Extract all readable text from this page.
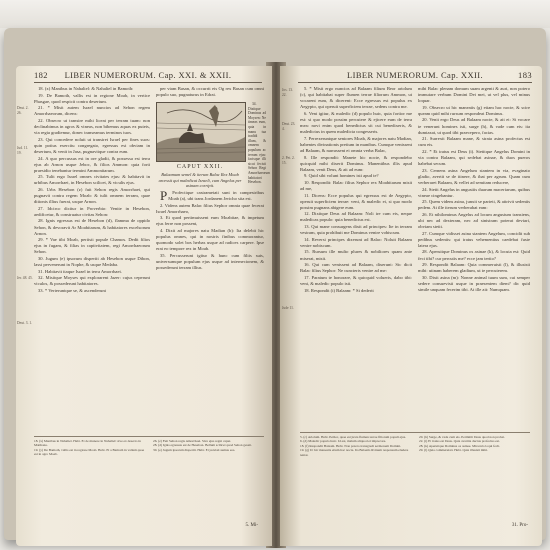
182 LIBER NUMERORUM. Cap. XXI. & XXII.
Deut. 2. 26.
Jud. 11. 19.
Jer. 48. 45.
Deut. 3. 1.

18. (x) Manibus in Nahaliel: & Nahaliel in Bamoth:

19. De Bamoth, vallis est in regione Moab, in vertice Phasgae, quod respicit contra desertum.

21. * Misit autem Israel nuncios ad Sehon regem Amorrhaeorum, dicens:

22. Obsecro ut transire mihi liceat per terram tuam: non declinabimus in agros & vineas, non bibemus aquas ex puteis, via regia gradiemur, donec transeamus terminos tuos.

23. Qui concedere noluit ut transiret Israel per fines suos: quin potius exercitu congregato, egressus est obviam in desertum, & venit in Jasa, pugnavitque contra eum.

24. A quo percussus est in ore gladii, & possessa est terra ejus ab Arnon usque Jeboc, & filios Ammon: quia forti praesidio tenebantur termini Ammonitarum.

25. Tulit ergo Israel omnes civitates ejus: & habitavit in urbibus Amorrhaei, in Hesebon scilicet, & viculis ejus.

26. Urbs Hesebon (z) fuit Sehon regis Amorrhaei, qui pugnavit contra regem Moab: & tulit omnem terram, quae ditionis illius fuerat, usque Arnon.

27. Idcirco dicitur in Proverbio: Venite in Hesebon, aedificetur, & construatur civitas Sehon:

28. Ignis egressus est de Hesebon (d), flamma de oppido Sehon, & devoravit Ar Moabitarum, & habitatores excelsorum Arnon.

29. * Vae tibi Moab, periisti popule Chamos. Dedit filios ejus in fugam, & filias in captivitatem, regi Amorrhaeorum Sehon.

30. Jugum (e) ipsorum disperiit ab Hesebon usque Dibon, lassi pervenerunt in Nophe, & usque Medaba.

31. Habitavit itaque Israel in terra Amorrhaei.

32. Misitque Moyses qui explorarent Jazer: cujus ceperunt viculos, & possederunt habitatores.

33. * Verteruntque se, & ascenderunt

per viam Basan, & occurrit eis Og rex Basan cum omni populo suo, pugnaturus in Edrai.

34. Dixitque Dominus ad Moysen: Ne timeas eum, quia in manu tua tradidi illum, & omnem populum ac terram ejus: facisque illi sicut fecisti Sehon Regi Amorrhaeorum habitatori Hesebon.

CAPUT XXII.
Balaamum semel & iterum Balac Rex Moab arcessit qui maledicat Israeli, cum Angelus per asinam corripit.

P Profectique castrametati sunt in campestribus Moab (a), ubi trans Jordanem Jericho sita est.

2. Videns autem Balac filius Sephor omnia quae fecerat Israel Amorrhaeo,

3. Et quod pertimuissent eum Moabitae, & impetum ejus ferre non possent,

4. Dixit ad majores natu Madian (b): Ita delebit hic populus omnes, qui in nostris finibus commorantur, quomodo solet bos herbas usque ad radices carpere. Ipse erat eo tempore rex in Moab.

35. Percusserunt igitur & hunc cum filiis suis, universumque populum ejus usque ad internecionem, & possederunt terram illius.

18. (x) Manibus in Nahaliel. Hebr. Et de munere in Nahaliel: sive ex deserto in Matthana.

19. (y) De Bamoth, vallis est in regione Moab. Hebr. Et a Bamoth in vallem quae est in agro Moab.

26. (z) Fuit Sehon regis Amorrhaei. Sive ejus regni caput.

28. (d) Ignis egressus est de Hesebon. Bellum scilicet quod Sehon gessit.

30. (e) Jugum ipsorum disperiit. Hebr. Et jaculati sumus eos.

5. Mi-
LIBER NUMERORUM. Cap. XXII.	183
Jos. 13. 22.
Deut. 23. 4.
2. Pet. 2. 15.
Jude 11.

5. * Misit ergo nuncios ad Balaam filium Beor ariolum (c), qui habitabat super flumen terrae filiorum Ammon, ut vocarent eum, & dicerent: Ecce egressus est populus ex Aegypto, qui operuit superficiem terrae, sedens contra me.

6. Veni igitur, & maledic (d) populo huic, quia fortior me est: si quo modo possim percutere & ejicere eum de terra mea: novi enim quod benedictus sit cui benedixeris, & maledictus in quem maledicta congesseris.

7. Perrexeruntque seniores Moab, & majores natu Madian, habentes divinationis pretium in manibus. Cumque venissent ad Balaam, & narrassent ei omnia verba Balac,

8. Ille respondit: Manete hic nocte, & respondebo quicquid mihi dixerit Dominus. Manentibus illis apud Balaam, venit Deus, & ait ad eum:

9. Quid sibi volunt homines isti apud te?

10. Respondit: Balac filius Sephor rex Moabitarum misit ad me,

11. Dicens: Ecce populus qui egressus est de Aegypto, operuit superficiem terrae: veni, & maledic ei, si quo modo possim pugnans abigere eum.

12. Dixitque Deus ad Balaam: Noli ire cum eis, neque maledicas populo: quia benedictus est.

13. Qui mane consurgens dixit ad principes: Ite in terram vestram, quia prohibuit me Dominus venire vobiscum.

14. Reversi principes dixerunt ad Balac: Noluit Balaam venire nobiscum.

15. Rursum ille multo plures & nobiliores quam ante miserat, misit.

16. Qui cum venissent ad Balaam, dixerunt: Sic dicit Balac filius Sephor: Ne cuncteris venire ad me:

17. Paratum te honorare, & quicquid volueris, dabo tibi: veni, & maledic populo isti.

18. Respondit (i) Balaam: * Si dederit

mihi Balac plenam domum suam argenti & auri, non potero immutare verbum Domini Dei mei, ut vel plus, vel minus loquar.

19. Obsecro ut hic maneatis (g) etiam hac nocte, & scire queam quid mihi rursum respondeat Dominus.

20. Venit ergo Deus ad Balaam nocte, & ait ei: Si vocare te venerunt homines isti, surge (h), & vade cum eis: ita dumtaxat, ut quod tibi praecepero, facias.

21. Surrexit Balaam mane, & strata asina profectus est cum eis.

22. * Et iratus est Deus (i). Stetitque Angelus Domini in via contra Balaam, qui sedebat asinae, & duos pueros habebat secum.

23. Cernens asina Angelum stantem in via, evaginato gladio, avertit se de itinere, & ibat per agrum. Quam cum verberaret Balaam, & vellet ad semitam reducere,

24. Stetit Angelus in angustiis duarum maceriarum, quibus vineae cingebantur.

25. Quem videns asina, junxit se parieti, & attrivit sedentis pedem. At ille iterum verberabat eam:

26. Et nihilominus Angelus ad locum angustum transiens, ubi nec ad dexteram, nec ad sinistram poterat deviari, obviam stetit.

27. Cumque vidisset asina stantem Angelum, concidit sub pedibus sedentis: qui iratus vehementius caedebat fuste latera ejus.

28. Aperuitque Dominus os asinae (k), & locuta est: Quid feci tibi? cur percutis me? ecce jam tertio?

29. Respondit Balaam: Quia commeruisti (l), & illusisti mihi: utinam haberem gladium, ut te percuterem.

30. Dixit asina (m): Nonne animal tuum sum, cui semper sedere consuevisti usque in praesentem diem? dic quid simile unquam fecerim tibi. At ille ait: Numquam.

5. (c) Ariolum. Hebr. Pethor, quae est juxta flumen terrae filiorum populi ejus.

6. (d) Maledic populo huic. Id est, malum aliquod ei imprecare.

18. (f) Respondit Balaam. Hebr. Non potero transgredi sermonem Domini.

19. (g) Ut hic maneatis etiam hac nocte. Ita Balaam divinum responsum eludere tentat.

20. (h) Surge, & vade cum eis. Permittit Deus quod non probat.

22. (i) Et iratus est Deus. Quia avaritia ductus profectus est.

28. (k) Aperuitque Dominus os asinae. Miraculo loqui fecit.

29. (l) Quia commeruisti. Hebr. Quia illusisti mihi.

31. Pro-
